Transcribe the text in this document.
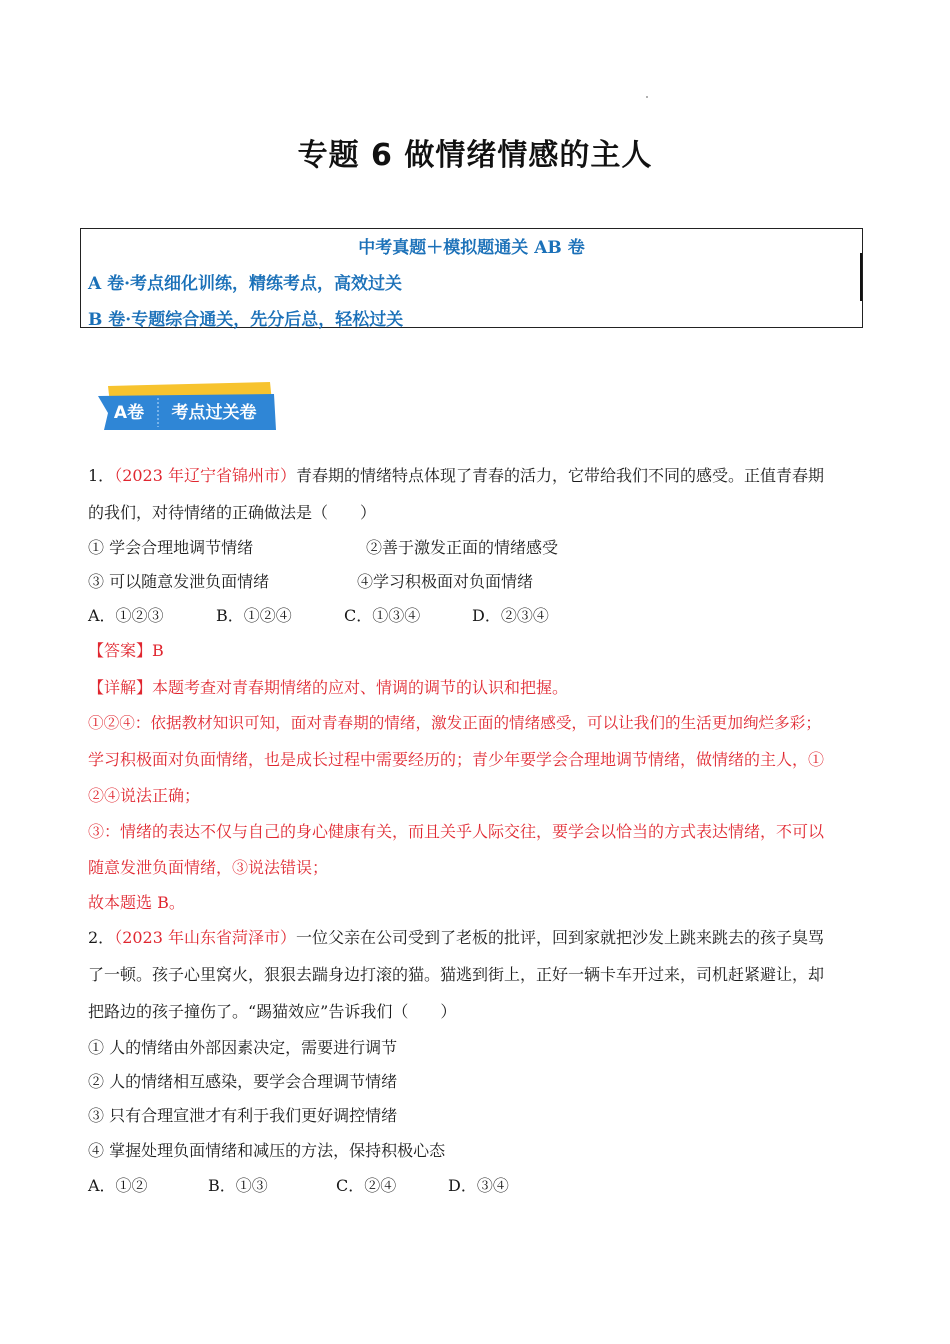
专题 6 做情绪情感的主人
中考真题＋模拟题通关 AB 卷
A 卷·考点细化训练，精练考点，高效过关
B 卷·专题综合通关，先分后总，轻松过关
A卷 考点过关卷
1．（2023 年辽宁省锦州市）青春期的情绪特点体现了青春的活力，它带给我们不同的感受。正值青春期
的我们，对待情绪的正确做法是（　　）
① 学会合理地调节情绪	②善于激发正面的情绪感受
③ 可以随意发泄负面情绪	④学习积极面对负面情绪
A．①②③	B．①②④	C．①③④	D．②③④
【答案】B
【详解】本题考查对青春期情绪的应对、情调的调节的认识和把握。
①②④：依据教材知识可知，面对青春期的情绪，激发正面的情绪感受，可以让我们的生活更加绚烂多彩；
学习积极面对负面情绪，也是成长过程中需要经历的；青少年要学会合理地调节情绪，做情绪的主人，①
②④说法正确；
③：情绪的表达不仅与自己的身心健康有关，而且关乎人际交往，要学会以恰当的方式表达情绪，不可以
随意发泄负面情绪，③说法错误；
故本题选 B。
2．（2023 年山东省菏泽市）一位父亲在公司受到了老板的批评，回到家就把沙发上跳来跳去的孩子臭骂
了一顿。孩子心里窝火，狠狠去踹身边打滚的猫。猫逃到街上，正好一辆卡车开过来，司机赶紧避让，却
把路边的孩子撞伤了。“踢猫效应”告诉我们（　　）
① 人的情绪由外部因素决定，需要进行调节
② 人的情绪相互感染，要学会合理调节情绪
③ 只有合理宣泄才有利于我们更好调控情绪
④ 掌握处理负面情绪和减压的方法，保持积极心态
A．①②	B．①③	C．②④	D．③④
